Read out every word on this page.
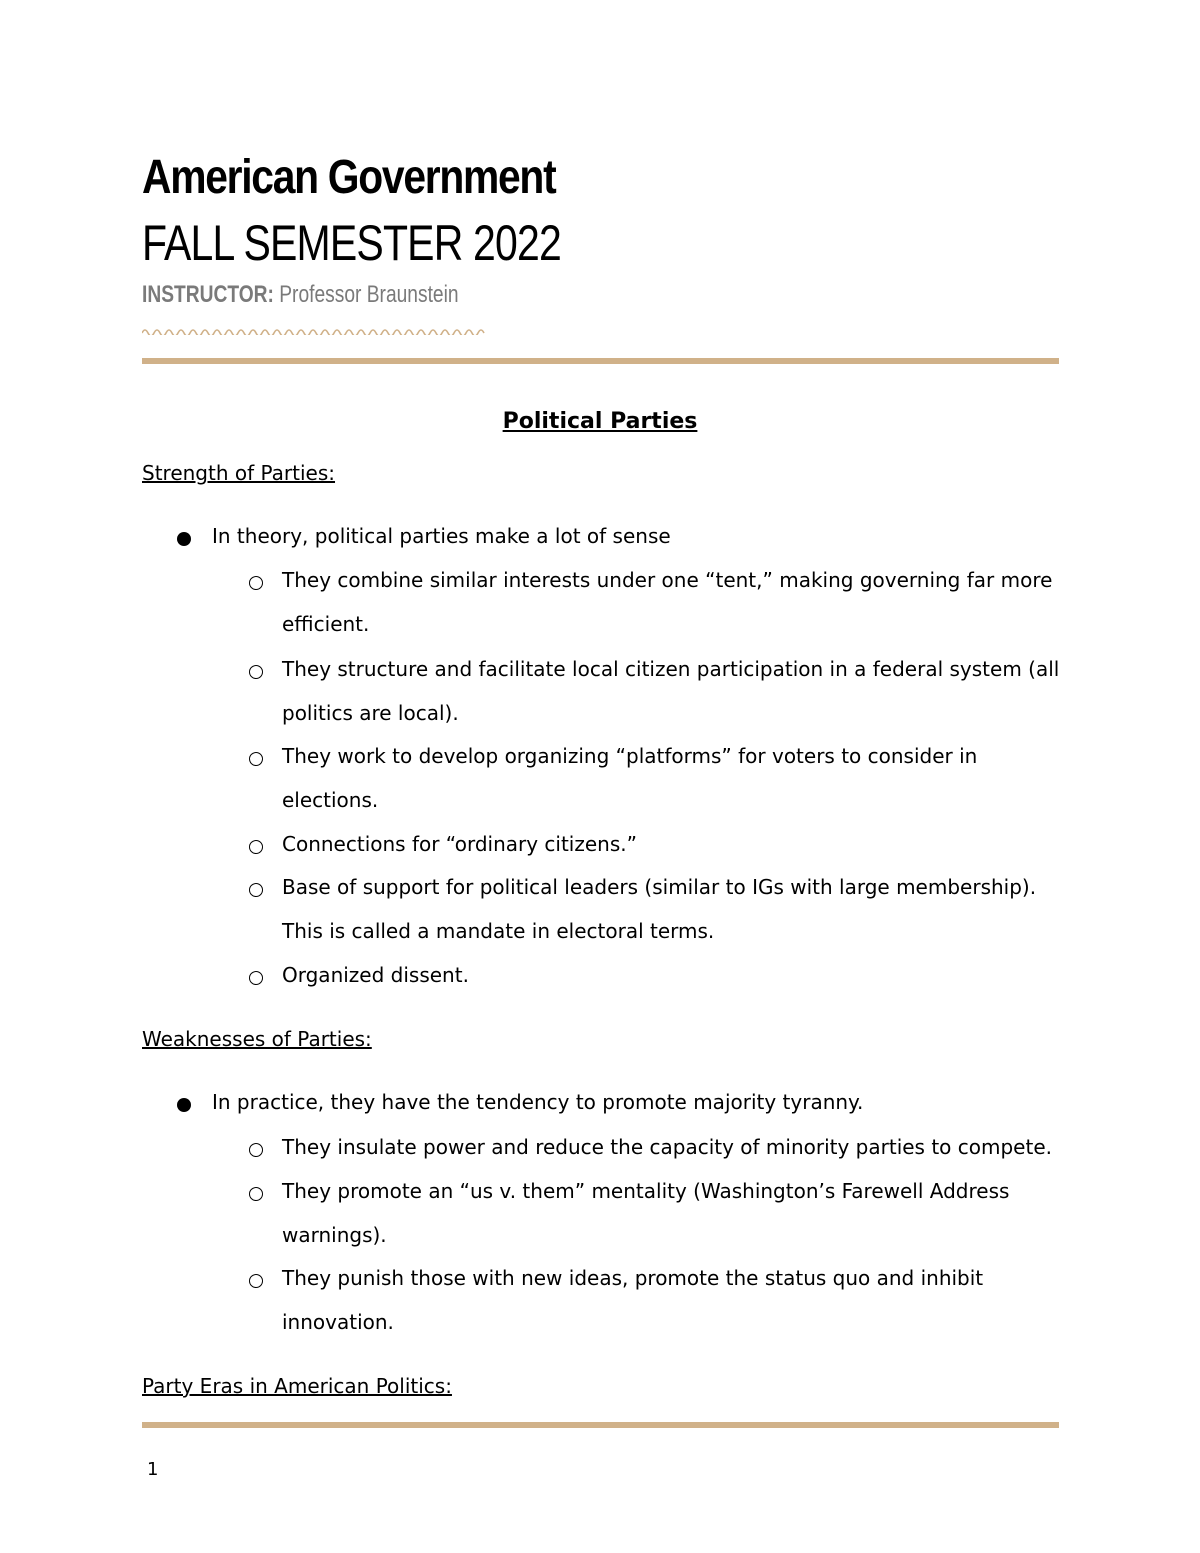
American Government
FALL SEMESTER 2022
INSTRUCTOR: Professor Braunstein
Political Parties

Strength of Parties:

In theory, political parties make a lot of sense
They combine similar interests under one “tent,” making governing far more
efficient.
They structure and facilitate local citizen participation in a federal system (all
politics are local).
They work to develop organizing “platforms” for voters to consider in
elections.
Connections for “ordinary citizens.”
Base of support for political leaders (similar to IGs with large membership).
This is called a mandate in electoral terms.
Organized dissent.

Weaknesses of Parties:

In practice, they have the tendency to promote majority tyranny.
They insulate power and reduce the capacity of minority parties to compete.
They promote an “us v. them” mentality (Washington’s Farewell Address
warnings).
They punish those with new ideas, promote the status quo and inhibit
innovation.

Party Eras in American Politics:

1
